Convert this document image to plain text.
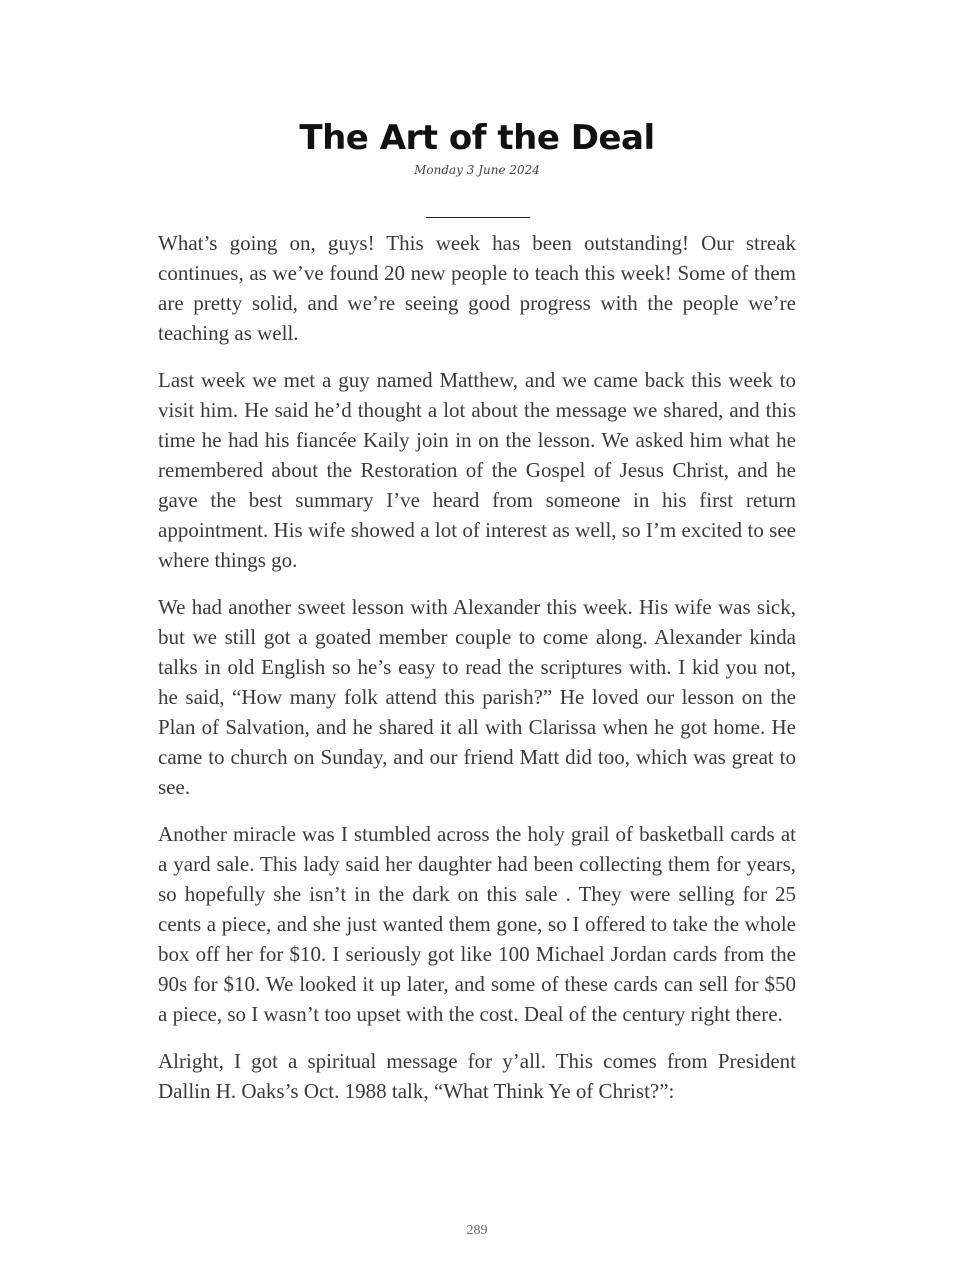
The Art of the Deal
Monday 3 June 2024

What’s going on, guys! This week has been outstanding! Our streak continues, as we’ve found 20 new people to teach this week! Some of them are pretty solid, and we’re seeing good progress with the people we’re teaching as well.

Last week we met a guy named Matthew, and we came back this week to visit him. He said he’d thought a lot about the message we shared, and this time he had his fiancée Kaily join in on the lesson. We asked him what he remembered about the Restoration of the Gospel of Jesus Christ, and he gave the best summary I’ve heard from someone in his first return appointment. His wife showed a lot of interest as well, so I’m excited to see where things go.

We had another sweet lesson with Alexander this week. His wife was sick, but we still got a goated member couple to come along. Alexander kinda talks in old English so he’s easy to read the scriptures with. I kid you not, he said, “How many folk attend this parish?” He loved our lesson on the Plan of Salvation, and he shared it all with Clarissa when he got home. He came to church on Sunday, and our friend Matt did too, which was great to see.

Another miracle was I stumbled across the holy grail of basketball cards at a yard sale. This lady said her daughter had been collecting them for years, so hopefully she isn’t in the dark on this sale . They were selling for 25 cents a piece, and she just wanted them gone, so I offered to take the whole box off her for $10. I seriously got like 100 Michael Jordan cards from the 90s for $10. We looked it up later, and some of these cards can sell for $50 a piece, so I wasn’t too upset with the cost. Deal of the century right there.

Alright, I got a spiritual message for y’all. This comes from President Dallin H. Oaks’s Oct. 1988 talk, “What Think Ye of Christ?”:

289
